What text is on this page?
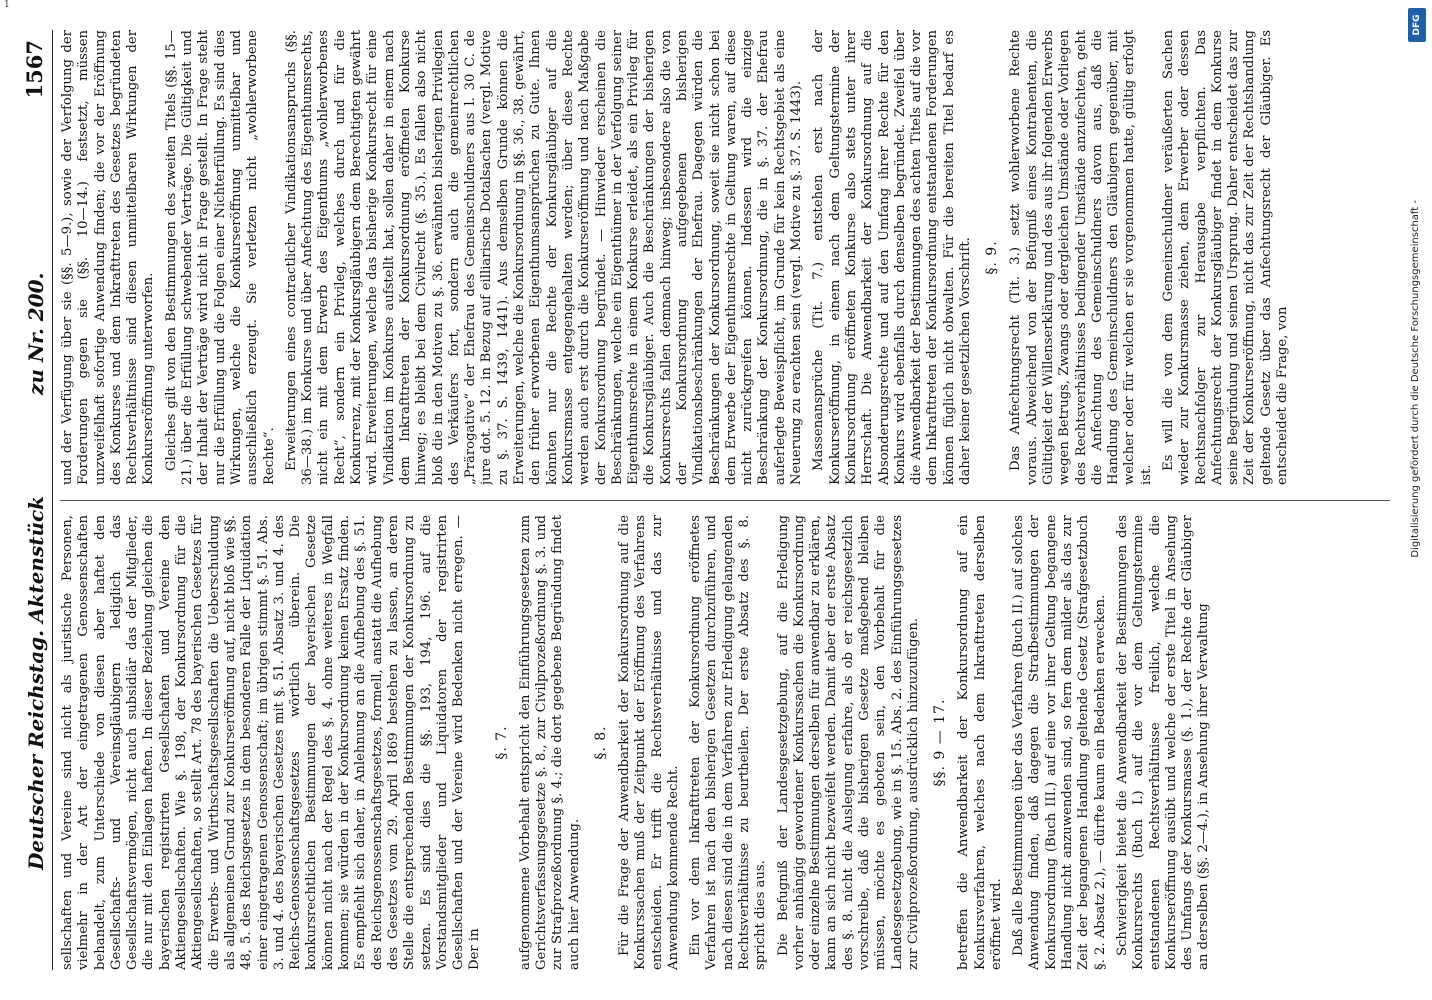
1
Deutscher Reichstag. Aktenstück
zu Nr. 200.
1567

sellschaften und Vereine sind nicht als juristische Personen, vielmehr in der Art der eingetragenen Genossenschaften behandelt, zum Unterschiede von diesen aber haftet den Gesellschafts- und Vereinsgläubigern lediglich das Gesellschaftsvermögen, nicht auch subsidiär das der Mitglieder, die nur mit den Einlagen haften. In dieser Beziehung gleichen die bayerischen registrirten Gesellschaften und Vereine den Aktiengesellschaften. Wie §. 198, der Konkursordnung für die Aktiengesellschaften, so stellt Art. 78 des bayerischen Gesetzes für die Erwerbs- und Wirthschaftsgesellschaften die Ueberschuldung als allgemeinen Grund zur Konkurseröffnung auf, nicht bloß wie §§. 48, 5. des Reichsgesetzes in dem besonderen Falle der Liquidation einer eingetragenen Genossenschaft; im übrigen stimmt §. 51. Abs. 3. und 4. des bayerischen Gesetzes mit §. 51. Absatz 3. und 4. des Reichs-Genossenschaftsgesetzes wörtlich überein. Die konkursrechtlichen Bestimmungen der bayerischen Gesetze können nicht nach der Regel des §. 4. ohne weiteres in Wegfall kommen; sie würden in der Konkursordnung keinen Ersatz finden. Es empfiehlt sich daher, in Anlehnung an die Aufhebung des §. 51. des Reichsgenossenschaftsgesetzes, formell, anstatt die Aufhebung des Gesetzes vom 29. April 1869 bestehen zu lassen, an deren Stelle die entsprechenden Bestimmungen der Konkursordnung zu setzen. Es sind dies die §§. 193, 194, 196. auf die Vorstandsmitglieder und Liquidatoren der registrirten Gesellschaften und der Vereine wird Bedenken nicht erregen. — Der in

§. 7. aufgenommene Vorbehalt entspricht den Einführungsgesetzen zum Gerichtsverfassungsgesetze §. 8., zur Civilprozeßordnung §. 3. und zur Strafprozeßordnung §. 4.; die dort gegebene Begründung findet auch hier Anwendung.

§. 8. Für die Frage der Anwendbarkeit der Konkursordnung auf die Konkurssachen muß der Zeitpunkt der Eröffnung des Verfahrens entscheiden. Er trifft die Rechtsverhältnisse und das zur Anwendung kommende Recht. Ein vor dem Inkrafttreten der Konkursordnung eröffnetes Verfahren ist nach den bisherigen Gesetzen durchzuführen, und nach diesen sind die in dem Verfahren zur Erledigung gelangenden Rechtsverhältnisse zu beurtheilen. Der erste Absatz des §. 8. spricht dies aus. Die Befugniß der Landesgesetzgebung, auf die Erledigung vorher anhängig gewordener Konkurssachen die Konkursordnung oder einzelne Bestimmungen derselben für anwendbar zu erklären, kann an sich nicht bezweifelt werden. Damit aber der erste Absatz des §. 8. nicht die Auslegung erfahre, als ob er reichsgesetzlich vorschreibe, daß die bisherigen Gesetze maßgebend bleiben müssen, möchte es geboten sein, den Vorbehalt für die Landesgesetzgebung, wie in §. 15. Abs. 2. des Einführungsgesetzes zur Civilprozeßordnung, ausdrücklich hinzuzufügen. §§. 9 — 17. betreffen die Anwendbarkeit der Konkursordnung auf ein Konkursverfahren, welches nach dem Inkrafttreten derselben eröffnet wird. Daß alle Bestimmungen über das Verfahren (Buch II.) auf solches Anwendung finden, daß dagegen die Strafbestimmungen der Konkursordnung (Buch III.) auf eine vor ihrer Geltung begangene Handlung nicht anzuwenden sind, so fern dem milder als das zur Zeit der begangenen Handlung geltende Gesetz (Strafgesetzbuch §. 2. Absatz 2.), — dürfte kaum ein Bedenken erwecken. Schwierigkeit bietet die Anwendbarkeit der Bestimmungen des Konkursrechts (Buch I.) auf die vor dem Geltungstermine entstandenen Rechtsverhältnisse freilich, welche die Konkurseröffnung ausübt und welche der erste Titel in Ansehung des Umfangs der Konkursmasse (§. 1.), der Rechte der Gläubiger an derselben (§§. 2—4.), in Ansehung ihrer Verwaltung

und der Verfügung über sie (§§. 5—9.), sowie der Verfolgung der Forderungen gegen sie (§§. 10—14.) festsetzt, müssen unzweifelhaft sofortige Anwendung finden; die vor der Eröffnung des Konkurses und dem Inkrafttreten des Gesetzes begründeten Rechtsverhältnisse sind diesen unmittelbaren Wirkungen der Konkurseröffnung unterworfen. Gleiches gilt von den Bestimmungen des zweiten Titels (§§. 15—21.) über die Erfüllung schwebender Verträge. Die Gültigkeit und der Inhalt der Verträge wird nicht in Frage gestellt. In Frage steht nur die Erfüllung und die Folgen einer Nichterfüllung. Es sind dies Wirkungen, welche die Konkurseröffnung unmittelbar und ausschließlich erzeugt. Sie verletzen nicht „wohlerworbene Rechte“. Erweiterungen eines contractlicher Vindikationsanspruchs (§§. 36—38.) im Konkurse und über Anfechtung des Eigenthumsrechts, nicht ein mit dem Erwerb des Eigenthums „wohlerworbenes Recht“, sondern ein Privileg, welches durch und für die Konkurrenz, mit der Konkursgläubigern dem Berechtigten gewährt wird. Erweiterungen, welche das bisherige Konkursrecht für eine Vindikation im Konkurse aufstellt hat, sollen daher in einem nach dem Inkrafttreten der Konkursordnung eröffneten Konkurse hinweg; es bleibt bei dem Civilrecht (§. 35.). Es fallen also nicht bloß die in den Motiven zu §. 36. erwähnten bisherigen Privilegien des Verkäufers fort, sondern auch die gemeinrechtlichen „Prärogative“ der Ehefrau des Gemeinschuldners aus l. 30 C. de jure dot. 5. 12. in Bezug auf eilliarische Dotalsachen (vergl. Motive zu §. 37. S. 1439, 1441). Aus demselben Grunde können die Erweiterungen, welche die Konkursordnung in §§. 36., 38. gewährt, den früher erworbenen Eigenthumsansprüchen zu Gute. Ihnen könnten nur die Rechte der Konkursgläubiger auf die Konkursmasse entgegengehalten werden; über diese Rechte werden auch erst durch die Konkurseröffnung und nach Maßgabe der Konkursordnung begründet. — Hinwieder erscheinen die Beschränkungen, welche ein Eigenthümer in der Verfolgung seiner Eigenthumsrechte in einem Konkurse erleidet, als ein Privileg für die Konkursgläubiger. Auch die Beschränkungen der bisherigen Konkursrechts fallen demnach hinweg; insbesondere also die von der Konkursordnung aufgegebenen bisherigen Vindikationsbeschränkungen der Ehefrau. Dagegen würden die Beschränkungen der Konkursordnung, soweit sie nicht schon bei dem Erwerbe der Eigenthumsrechte in Geltung waren, auf diese nicht zurückgreifen können. Indessen wird die einzige Beschränkung der Konkursordnung, die in §. 37. der Ehefrau auferlegte Beweispflicht, im Grunde für kein Rechtsgebiet als eine Neuerung zu erachten sein (vergl. Motive zu §. 37. S. 1443). Massenansprüche (Tit. 7.) entstehen erst nach der Konkurseröffnung, in einem nach dem Geltungstermine der Konkursordnung eröffneten Konkurse also stets unter ihrer Herrschaft. Die Anwendbarkeit der Konkursordnung auf die Absonderungsrechte und auf den Umfang ihrer Rechte für den Konkurs wird ebenfalls durch denselben begründet. Zweifel über die Anwendbarkeit der Bestimmungen des achten Titels auf die vor dem Inkrafttreten der Konkursordnung entstandenen Forderungen können füglich nicht obwalten. Für die bereiten Titel bedarf es daher keiner gesetzlichen Vorschrift. §. 9. Das Anfechtungsrecht (Tit. 3.) setzt wohlerworbene Rechte voraus. Abweichend von der Befugniß eines Kontrahenten, die Gültigkeit der Willenserklärung und des aus ihr folgenden Erwerbs wegen Betrugs, Zwangs oder dergleichen Umstände oder Vorliegen des Rechtsverhältnisses bedingender Umstände anzufechten, geht die Anfechtung des Gemeinschuldners davon aus, daß die Handlung des Gemeinschuldners den Gläubigern gegenüber, mit welcher oder für welchen er sie vorgenommen hatte, gültig erfolgt ist.

Es will die von dem Gemeinschuldner veräußerten Sachen wieder zur Konkursmasse ziehen, dem Erwerber oder dessen Rechtsnachfolger zur Herausgabe verpflichten. Das Anfechtungsrecht der Konkursgläubiger findet in dem Konkurse seine Begründung und seinen Ursprung. Daher entscheidet das zur Zeit der Konkurseröffnung, nicht das zur Zeit der Rechtshandlung geltende Gesetz über das Anfechtungsrecht der Gläubiger. Es entscheidet die Frage, von

DFG
Digitalisierung gefördert durch die Deutsche Forschungsgemeinschaft -
